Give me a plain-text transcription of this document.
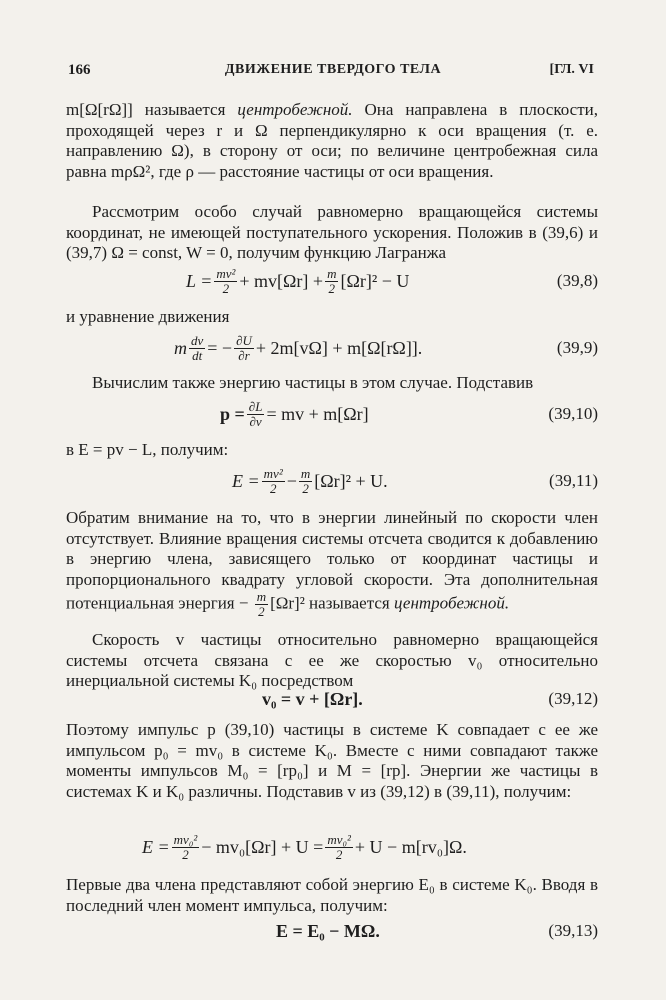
166	ДВИЖЕНИЕ ТВЕРДОГО ТЕЛА	[ГЛ. VI

m[Ω[rΩ]] называется центробежной. Она направлена в плоскости, проходящей через r и Ω перпендикулярно к оси вращения (т. е. направлению Ω), в сторону от оси; по величине центробежная сила равна mρΩ², где ρ — расстояние частицы от оси вращения.

Рассмотрим особо случай равномерно вращающейся системы координат, не имеющей поступательного ускорения. Положив в (39,6) и (39,7) Ω = const, W = 0, получим функцию Лагранжа

$L = \frac{\text{mv²}}{2} + mv[\Omega r] + \frac{m}{2} [\Omega r]^2 - U$	(39,8)

и уравнение движения

m $\frac{dv}{dt}$ = − $\frac{\partial U}{\partial r} + 2m[v\Omega] + m[\Omega[r\Omega]]$.	(39,9)

Вычислим также энергию частицы в этом случае. Подставив

$p = \frac{\partial L}{\partial v}$ = mv + m[Ωr]	(39,10)

в E = pv − L, получим:

$E = \frac{\text{mv²}}{2} - \frac{m}{2} [\Omega r]^2 + U$.	(39,11)

Обратим внимание на то, что в энергии линейный по скорости член отсутствует. Влияние вращения системы отсчета сводится к добавлению в энергию члена, зависящего только от координат частицы и пропорционального квадрату угловой скорости. Эта дополнительная потенциальная энергия − $\frac{m}{2} [\Omega r]^2$ называется центробежной.

Скорость v частицы относительно равномерно вращающейся системы отсчета связана с ее же скоростью v₀ относительно инерциальной системы K₀ посредством

v₀ = v + [Ωr].	(39,12)

Поэтому импульс p (39,10) частицы в системе K совпадает с ее же импульсом p₀ = mv₀ в системе K₀. Вместе с ними совпадают также моменты импульсов M₀ = [rp₀] и M = [rp]. Энергии же частицы в системах K и K₀ различны. Подставив v из (39,12) в (39,11), получим:

$E = \frac{\text{mv₀²}}{2} - mv_0[\Omega r] + U = \frac{\text{mv₀²}}{2} + U - m[rv_0]\Omega$.

Первые два члена представляют собой энергию E₀ в системе K₀. Вводя в последний член момент импульса, получим:

E = E₀ − MΩ.	(39,13)
